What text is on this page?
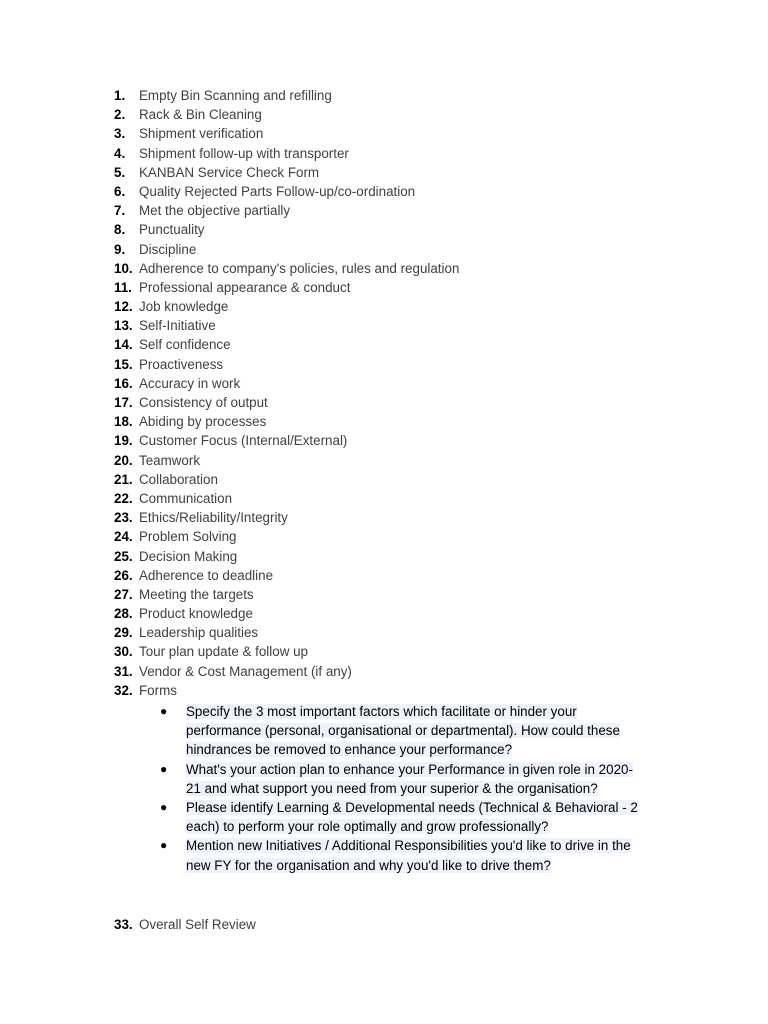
1.	Empty Bin Scanning and refilling
2.	Rack & Bin Cleaning
3.	Shipment verification
4.	Shipment follow-up with transporter
5.	KANBAN Service Check Form
6.	Quality Rejected Parts Follow-up/co-ordination
7.	Met the objective partially
8.	Punctuality
9.	Discipline
10. Adherence to company's policies, rules and regulation
11. Professional appearance & conduct
12. Job knowledge
13. Self-Initiative
14. Self confidence
15. Proactiveness
16. Accuracy in work
17. Consistency of output
18. Abiding by processes
19. Customer Focus (Internal/External)
20. Teamwork
21. Collaboration
22. Communication
23. Ethics/Reliability/Integrity
24. Problem Solving
25. Decision Making
26. Adherence to deadline
27. Meeting the targets
28. Product knowledge
29. Leadership qualities
30. Tour plan update & follow up
31. Vendor & Cost Management (if any)
32. Forms
●	Specify the 3 most important factors which facilitate or hinder your
performance (personal, organisational or departmental). How could these
hindrances be removed to enhance your performance?
●	What's your action plan to enhance your Performance in given role in 2020-
21 and what support you need from your superior & the organisation?
●	Please identify Learning & Developmental needs (Technical & Behavioral - 2
each) to perform your role optimally and grow professionally?
●	Mention new Initiatives / Additional Responsibilities you'd like to drive in the
new FY for the organisation and why you'd like to drive them?
33. Overall Self Review
